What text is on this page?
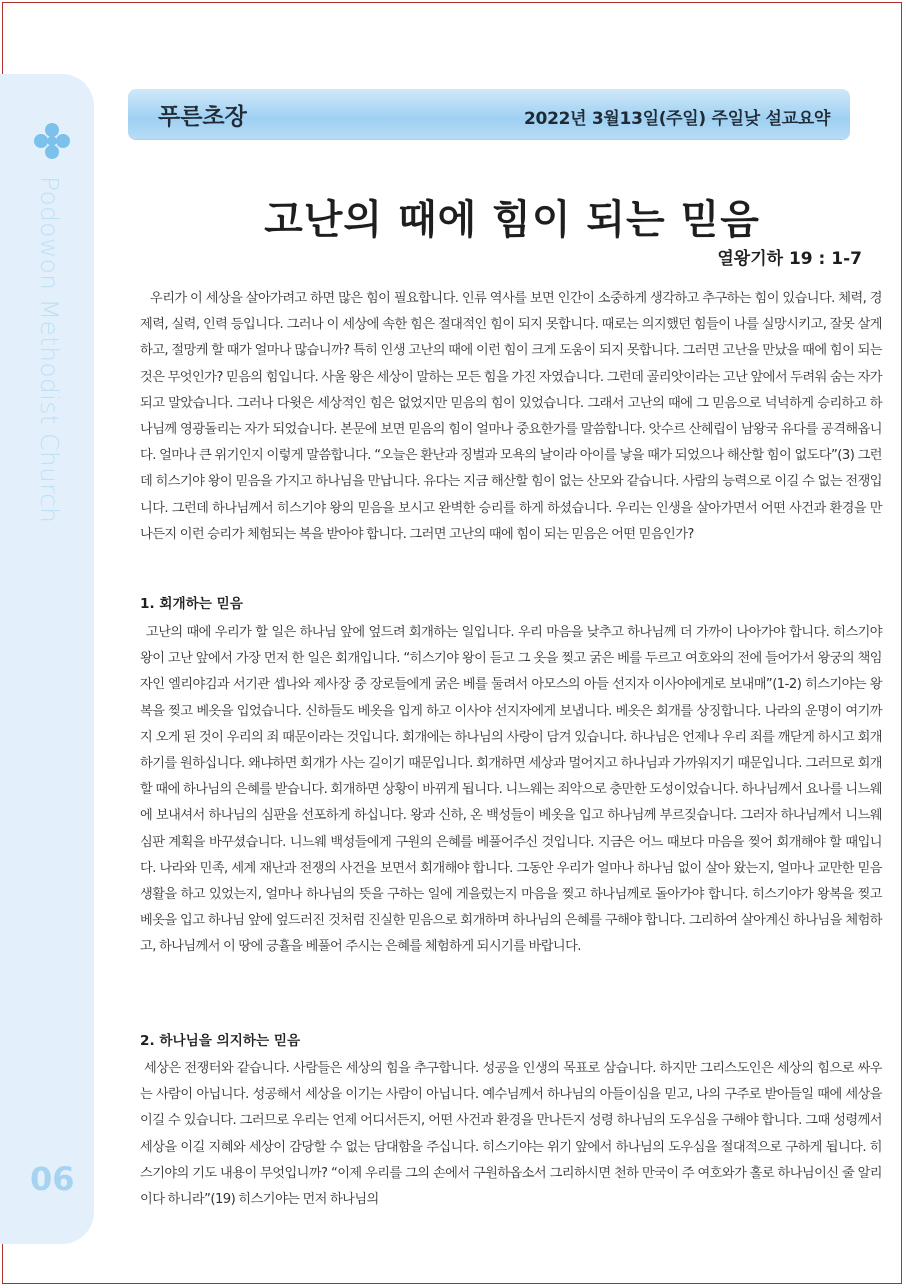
Podowon Methodist Church
06
푸른초장	2022년 3월13일(주일) 주일낮 설교요약
고난의 때에 힘이 되는 믿음
열왕기하 19 : 1-7

우리가 이 세상을 살아가려고 하면 많은 힘이 필요합니다. 인류 역사를 보면 인간이 소중하게 생각하고 추구하는 힘이 있습니다. 체력, 경제력, 실력, 인력 등입니다. 그러나 이 세상에 속한 힘은 절대적인 힘이 되지 못합니다. 때로는 의지했던 힘들이 나를 실망시키고, 잘못 살게 하고, 절망케 할 때가 얼마나 많습니까? 특히 인생 고난의 때에 이런 힘이 크게 도움이 되지 못합니다. 그러면 고난을 만났을 때에 힘이 되는 것은 무엇인가? 믿음의 힘입니다. 사울 왕은 세상이 말하는 모든 힘을 가진 자였습니다. 그런데 골리앗이라는 고난 앞에서 두려워 숨는 자가 되고 말았습니다. 그러나 다윗은 세상적인 힘은 없었지만 믿음의 힘이 있었습니다. 그래서 고난의 때에 그 믿음으로 넉넉하게 승리하고 하나님께 영광돌리는 자가 되었습니다. 본문에 보면 믿음의 힘이 얼마나 중요한가를 말씀합니다. 앗수르 산헤립이 남왕국 유다를 공격해옵니다. 얼마나 큰 위기인지 이렇게 말씀합니다. “오늘은 환난과 징벌과 모욕의 날이라 아이를 낳을 때가 되었으나 해산할 힘이 없도다”(3) 그런데 히스기야 왕이 믿음을 가지고 하나님을 만납니다. 유다는 지금 해산할 힘이 없는 산모와 같습니다. 사람의 능력으로 이길 수 없는 전쟁입니다. 그런데 하나님께서 히스기야 왕의 믿음을 보시고 완벽한 승리를 하게 하셨습니다. 우리는 인생을 살아가면서 어떤 사건과 환경을 만나든지 이런 승리가 체험되는 복을 받아야 합니다. 그러면 고난의 때에 힘이 되는 믿음은 어떤 믿음인가?

1. 회개하는 믿음

고난의 때에 우리가 할 일은 하나님 앞에 엎드려 회개하는 일입니다. 우리 마음을 낮추고 하나님께 더 가까이 나아가야 합니다. 히스기야 왕이 고난 앞에서 가장 먼저 한 일은 회개입니다. “히스기야 왕이 듣고 그 옷을 찢고 굵은 베를 두르고 여호와의 전에 들어가서 왕궁의 책임자인 엘리야김과 서기관 셉나와 제사장 중 장로들에게 굵은 베를 둘려서 아모스의 아들 선지자 이사야에게로 보내매”(1-2) 히스기야는 왕복을 찢고 베옷을 입었습니다. 신하들도 베옷을 입게 하고 이사야 선지자에게 보냅니다. 베옷은 회개를 상징합니다. 나라의 운명이 여기까지 오게 된 것이 우리의 죄 때문이라는 것입니다. 회개에는 하나님의 사랑이 담겨 있습니다. 하나님은 언제나 우리 죄를 깨닫게 하시고 회개하기를 원하십니다. 왜냐하면 회개가 사는 길이기 때문입니다. 회개하면 세상과 멀어지고 하나님과 가까워지기 때문입니다. 그러므로 회개할 때에 하나님의 은혜를 받습니다. 회개하면 상황이 바뀌게 됩니다. 니느웨는 죄악으로 충만한 도성이었습니다. 하나님께서 요나를 니느웨에 보내셔서 하나님의 심판을 선포하게 하십니다. 왕과 신하, 온 백성들이 베옷을 입고 하나님께 부르짖습니다. 그러자 하나님께서 니느웨 심판 계획을 바꾸셨습니다. 니느웨 백성들에게 구원의 은혜를 베풀어주신 것입니다. 지금은 어느 때보다 마음을 찢어 회개해야 할 때입니다. 나라와 민족, 세계 재난과 전쟁의 사건을 보면서 회개해야 합니다. 그동안 우리가 얼마나 하나님 없이 살아 왔는지, 얼마나 교만한 믿음생활을 하고 있었는지, 얼마나 하나님의 뜻을 구하는 일에 게을렀는지 마음을 찢고 하나님께로 돌아가야 합니다. 히스기야가 왕복을 찢고 베옷을 입고 하나님 앞에 엎드러진 것처럼 진실한 믿음으로 회개하며 하나님의 은혜를 구해야 합니다. 그리하여 살아계신 하나님을 체험하고, 하나님께서 이 땅에 긍휼을 베풀어 주시는 은혜를 체험하게 되시기를 바랍니다.

2. 하나님을 의지하는 믿음

세상은 전쟁터와 같습니다. 사람들은 세상의 힘을 추구합니다. 성공을 인생의 목표로 삼습니다. 하지만 그리스도인은 세상의 힘으로 싸우는 사람이 아닙니다. 성공해서 세상을 이기는 사람이 아닙니다. 예수님께서 하나님의 아들이심을 믿고, 나의 구주로 받아들일 때에 세상을 이길 수 있습니다. 그러므로 우리는 언제 어디서든지, 어떤 사건과 환경을 만나든지 성령 하나님의 도우심을 구해야 합니다. 그때 성령께서 세상을 이길 지혜와 세상이 감당할 수 없는 담대함을 주십니다. 히스기야는 위기 앞에서 하나님의 도우심을 절대적으로 구하게 됩니다. 히스기야의 기도 내용이 무엇입니까? “이제 우리를 그의 손에서 구원하옵소서 그리하시면 천하 만국이 주 여호와가 홀로 하나님이신 줄 알리이다 하니라”(19) 히스기야는 먼저 하나님의
